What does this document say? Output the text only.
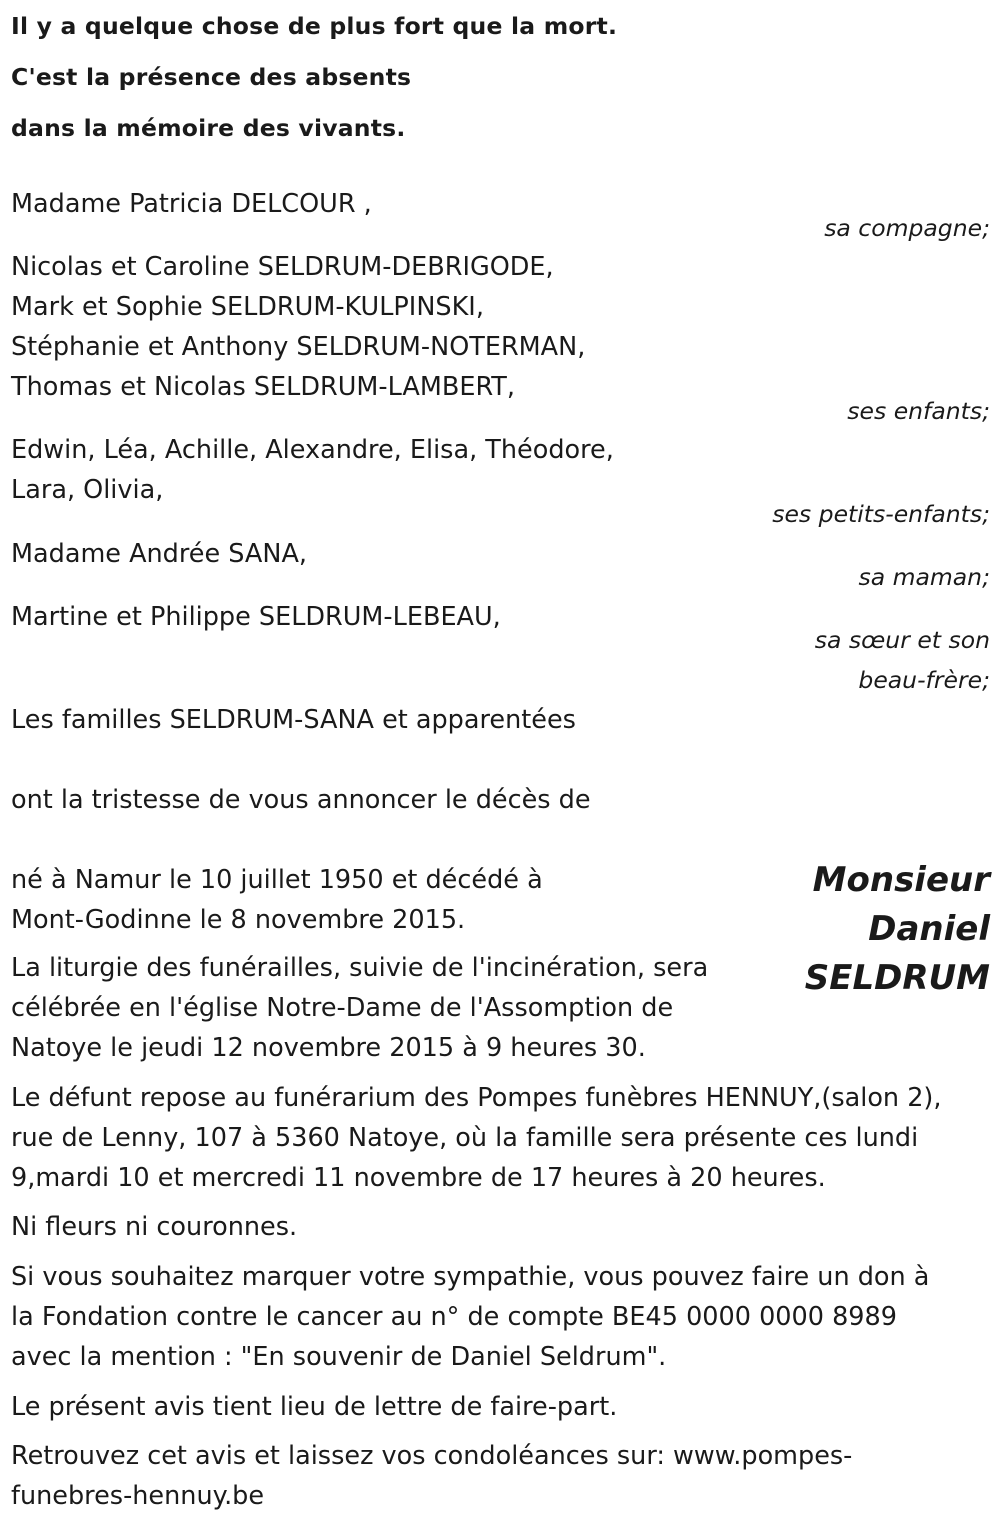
Il y a quelque chose de plus fort que la mort.
C'est la présence des absents
dans la mémoire des vivants.
Madame Patricia DELCOUR ,
sa compagne;
Nicolas et Caroline SELDRUM-DEBRIGODE,
Mark et Sophie SELDRUM-KULPINSKI,
Stéphanie et Anthony SELDRUM-NOTERMAN,
Thomas et Nicolas SELDRUM-LAMBERT,
ses enfants;
Edwin, Léa, Achille, Alexandre, Elisa, Théodore,
Lara, Olivia,
ses petits-enfants;
Madame Andrée SANA,
sa maman;
Martine et Philippe SELDRUM-LEBEAU,
sa sœur et son
beau-frère;
Les familles SELDRUM-SANA et apparentées
ont la tristesse de vous annoncer le décès de
Monsieur
Daniel
SELDRUM
né à Namur le 10 juillet 1950 et décédé à
Mont-Godinne le 8 novembre 2015.
La liturgie des funérailles, suivie de l'incinération, sera
célébrée en l'église Notre-Dame de l'Assomption de
Natoye le jeudi 12 novembre 2015 à 9 heures 30.
Le défunt repose au funérarium des Pompes funèbres HENNUY,(salon 2),
rue de Lenny, 107 à 5360 Natoye, où la famille sera présente ces lundi
9,mardi 10 et mercredi 11 novembre de 17 heures à 20 heures.
Ni fleurs ni couronnes.
Si vous souhaitez marquer votre sympathie, vous pouvez faire un don à
la Fondation contre le cancer au n° de compte BE45 0000 0000 8989
avec la mention : "En souvenir de Daniel Seldrum".
Le présent avis tient lieu de lettre de faire-part.
Retrouvez cet avis et laissez vos condoléances sur: www.pompes-
funebres-hennuy.be
